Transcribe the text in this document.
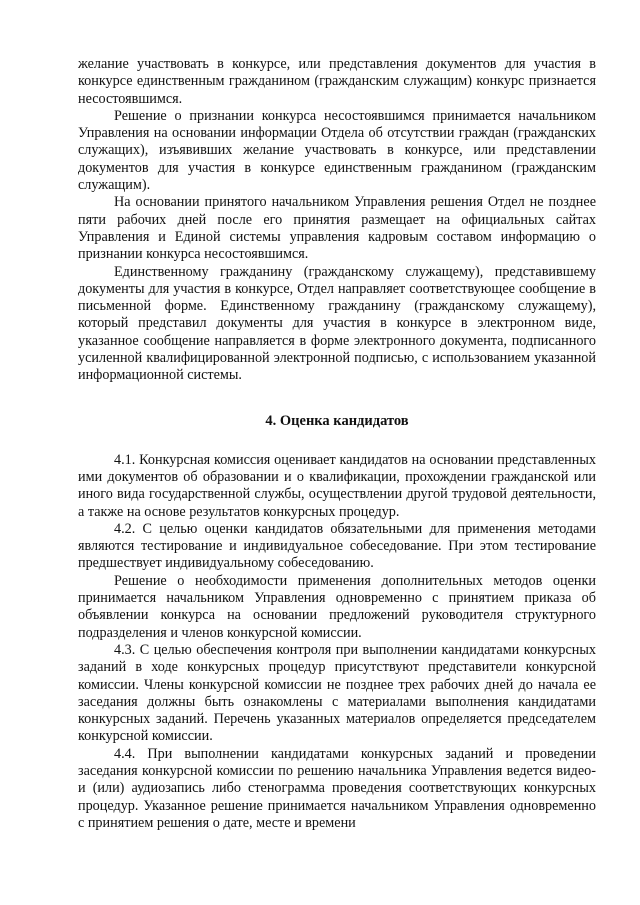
желание участвовать в конкурсе, или представления документов для участия в конкурсе единственным гражданином (гражданским служащим) конкурс признается несостоявшимся.

Решение о признании конкурса несостоявшимся принимается начальником Управления на основании информации Отдела об отсутствии граждан (гражданских служащих), изъявивших желание участвовать в конкурсе, или представлении документов для участия в конкурсе единственным гражданином (гражданским служащим).

На основании принятого начальником Управления решения Отдел не позднее пяти рабочих дней после его принятия размещает на официальных сайтах Управления и Единой системы управления кадровым составом информацию о признании конкурса несостоявшимся.

Единственному гражданину (гражданскому служащему), представившему документы для участия в конкурсе, Отдел направляет соответствующее сообщение в письменной форме. Единственному гражданину (гражданскому служащему), который представил документы для участия в конкурсе в электронном виде, указанное сообщение направляется в форме электронного документа, подписанного усиленной квалифицированной электронной подписью, с использованием указанной информационной системы.

4. Оценка кандидатов

4.1. Конкурсная комиссия оценивает кандидатов на основании представленных ими документов об образовании и о квалификации, прохождении гражданской или иного вида государственной службы, осуществлении другой трудовой деятельности, а также на основе результатов конкурсных процедур.

4.2. С целью оценки кандидатов обязательными для применения методами являются тестирование и индивидуальное собеседование. При этом тестирование предшествует индивидуальному собеседованию.

Решение о необходимости применения дополнительных методов оценки принимается начальником Управления одновременно с принятием приказа об объявлении конкурса на основании предложений руководителя структурного подразделения и членов конкурсной комиссии.

4.3. С целью обеспечения контроля при выполнении кандидатами конкурсных заданий в ходе конкурсных процедур присутствуют представители конкурсной комиссии. Члены конкурсной комиссии не позднее трех рабочих дней до начала ее заседания должны быть ознакомлены с материалами выполнения кандидатами конкурсных заданий. Перечень указанных материалов определяется председателем конкурсной комиссии.

4.4. При выполнении кандидатами конкурсных заданий и проведении заседания конкурсной комиссии по решению начальника Управления ведется видео- и (или) аудиозапись либо стенограмма проведения соответствующих конкурсных процедур. Указанное решение принимается начальником Управления одновременно с принятием решения о дате, месте и времени
